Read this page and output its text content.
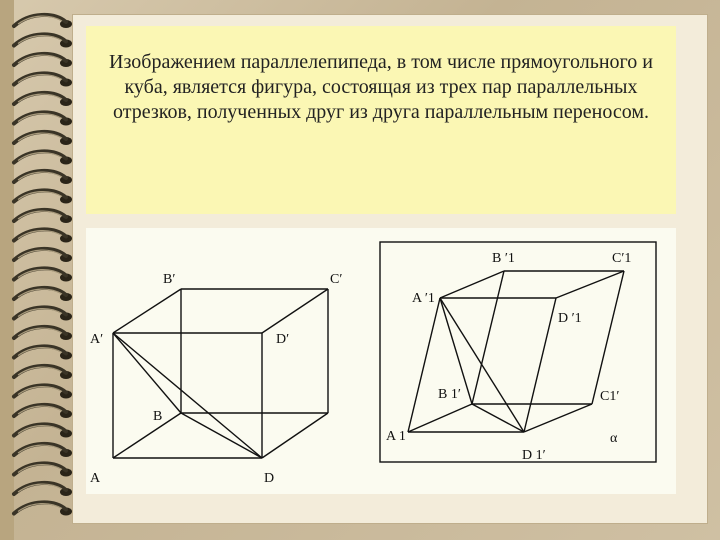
Изображением параллелепипеда, в том числе прямоугольного и куба, является фигура, состоящая из трех пар параллельных отрезков, полученных друг из друга параллельным переносом.
B′	C′
A′	D′
B
A	D
B ′1	C′1
A ′1
D ′1
B 1′	C1′
A 1
D 1′
α
